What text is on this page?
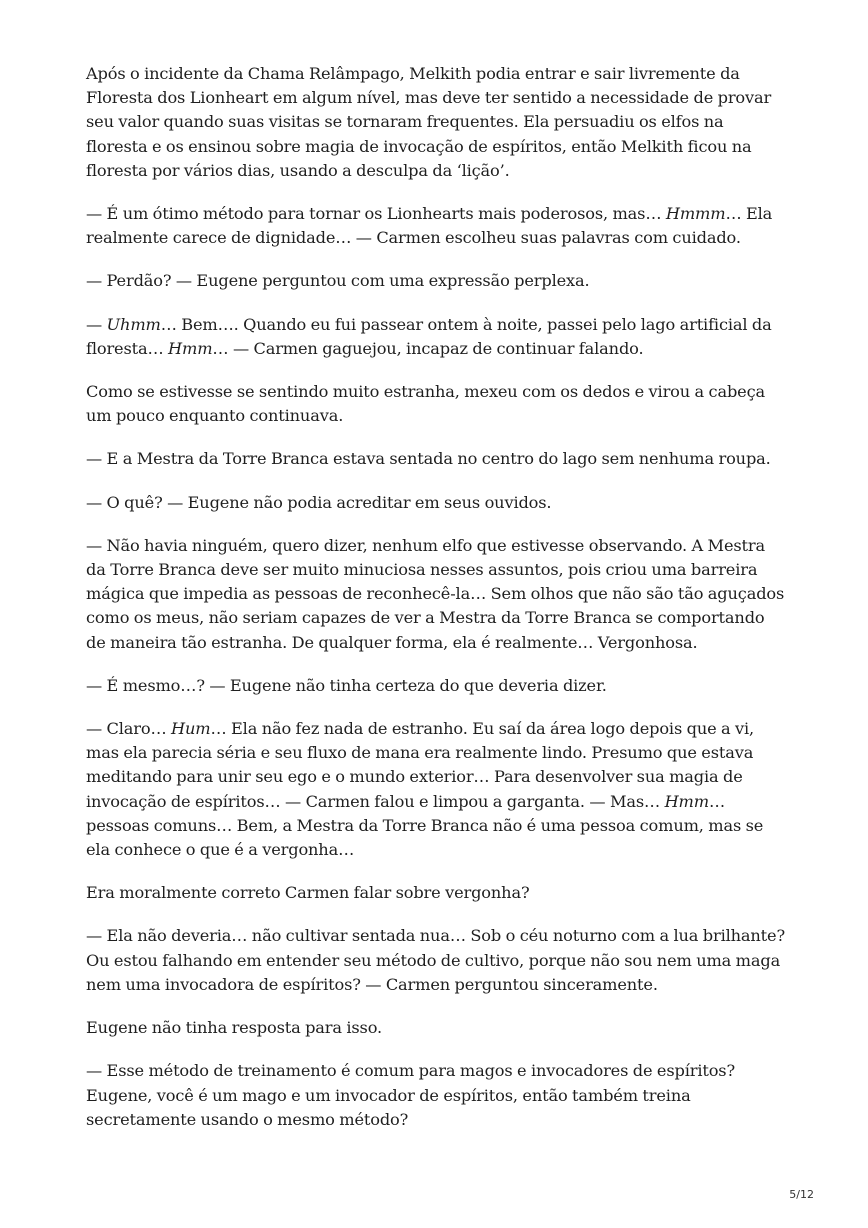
Após o incidente da Chama Relâmpago, Melkith podia entrar e sair livremente da Floresta dos Lionheart em algum nível, mas deve ter sentido a necessidade de provar seu valor quando suas visitas se tornaram frequentes. Ela persuadiu os elfos na floresta e os ensinou sobre magia de invocação de espíritos, então Melkith ficou na floresta por vários dias, usando a desculpa da ‘lição’.

— É um ótimo método para tornar os Lionhearts mais poderosos, mas… Hmmm… Ela realmente carece de dignidade… — Carmen escolheu suas palavras com cuidado.

— Perdão? — Eugene perguntou com uma expressão perplexa.

— Uhmm… Bem…. Quando eu fui passear ontem à noite, passei pelo lago artificial da floresta… Hmm… — Carmen gaguejou, incapaz de continuar falando.

Como se estivesse se sentindo muito estranha, mexeu com os dedos e virou a cabeça um pouco enquanto continuava.

— E a Mestra da Torre Branca estava sentada no centro do lago sem nenhuma roupa.

— O quê? — Eugene não podia acreditar em seus ouvidos.

— Não havia ninguém, quero dizer, nenhum elfo que estivesse observando. A Mestra da Torre Branca deve ser muito minuciosa nesses assuntos, pois criou uma barreira mágica que impedia as pessoas de reconhecê-la… Sem olhos que não são tão aguçados como os meus, não seriam capazes de ver a Mestra da Torre Branca se comportando de maneira tão estranha. De qualquer forma, ela é realmente… Vergonhosa.

— É mesmo…? — Eugene não tinha certeza do que deveria dizer.

— Claro… Hum… Ela não fez nada de estranho. Eu saí da área logo depois que a vi, mas ela parecia séria e seu fluxo de mana era realmente lindo. Presumo que estava meditando para unir seu ego e o mundo exterior… Para desenvolver sua magia de invocação de espíritos… — Carmen falou e limpou a garganta. — Mas… Hmm… pessoas comuns… Bem, a Mestra da Torre Branca não é uma pessoa comum, mas se ela conhece o que é a vergonha…

Era moralmente correto Carmen falar sobre vergonha?

— Ela não deveria… não cultivar sentada nua… Sob o céu noturno com a lua brilhante? Ou estou falhando em entender seu método de cultivo, porque não sou nem uma maga nem uma invocadora de espíritos? — Carmen perguntou sinceramente.

Eugene não tinha resposta para isso.

— Esse método de treinamento é comum para magos e invocadores de espíritos? Eugene, você é um mago e um invocador de espíritos, então também treina secretamente usando o mesmo método?

5/12
